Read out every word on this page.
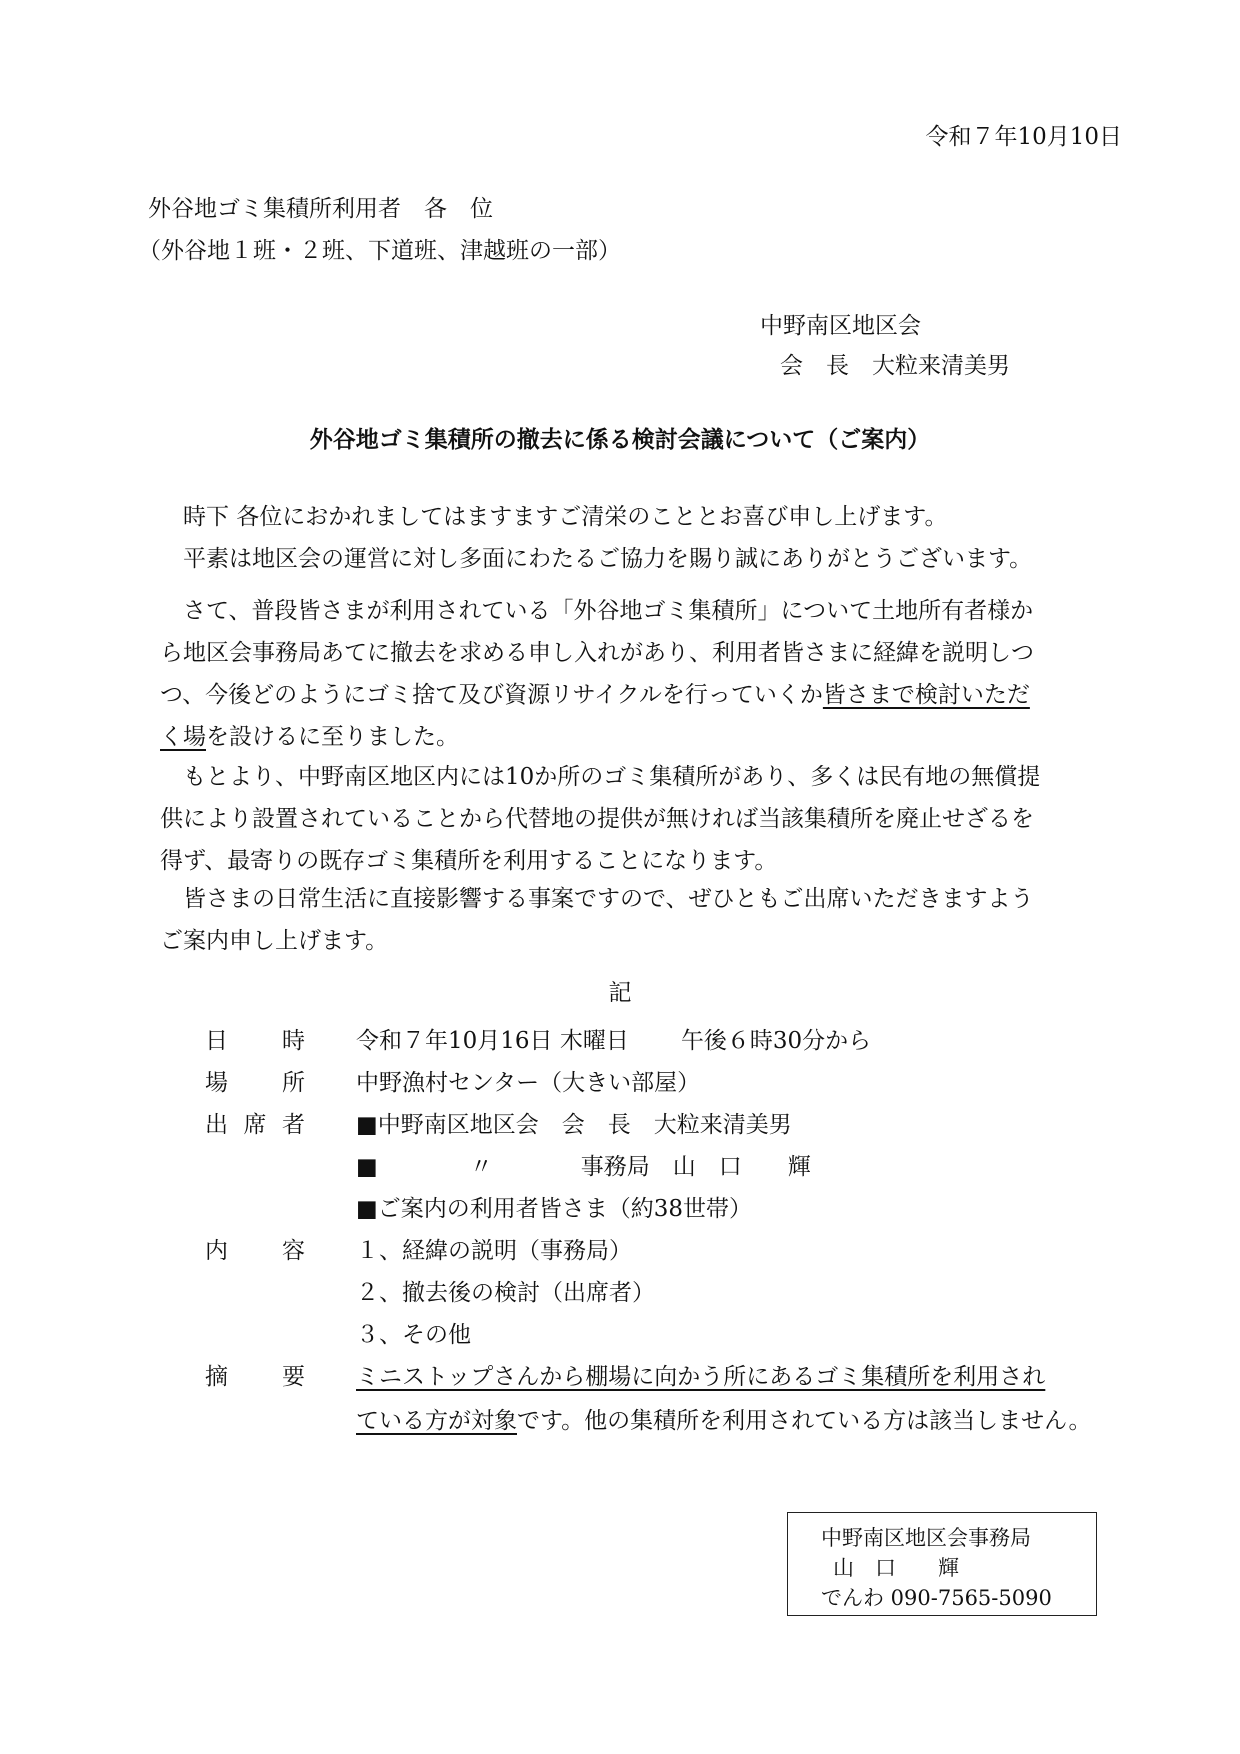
令和７年10月10日
外谷地ゴミ集積所利用者　各　位
（外谷地１班・２班、下道班、津越班の一部）
中野南区地区会
会　長　大粒来清美男
外谷地ゴミ集積所の撤去に係る検討会議について（ご案内）
時下 各位におかれましてはますますご清栄のこととお喜び申し上げます。
平素は地区会の運営に対し多面にわたるご協力を賜り誠にありがとうございます。
さて、普段皆さまが利用されている「外谷地ゴミ集積所」について土地所有者様か
ら地区会事務局あてに撤去を求める申し入れがあり、利用者皆さまに経緯を説明しつ
つ、今後どのようにゴミ捨て及び資源リサイクルを行っていくか皆さまで検討いただ
く場を設けるに至りました。
もとより、中野南区地区内には10か所のゴミ集積所があり、多くは民有地の無償提
供により設置されていることから代替地の提供が無ければ当該集積所を廃止せざるを
得ず、最寄りの既存ゴミ集積所を利用することになります。
皆さまの日常生活に直接影響する事案ですので、ぜひともご出席いただきますよう
ご案内申し上げます。
記
日 時 令和７年10月16日 木曜日 午後６時30分から
場 所 中野漁村センター（大きい部屋）
出 席 者 ■中野南区地区会　会　長　大粒来清美男
■	〃	事務局　山　口　　輝
■ご案内の利用者皆さま（約38世帯）
内 容 １、経緯の説明（事務局）
２、撤去後の検討（出席者）
３、その他
摘 要 ミニストップさんから棚場に向かう所にあるゴミ集積所を利用され
ている方が対象です。他の集積所を利用されている方は該当しません。
中野南区地区会事務局
山　口　　輝
でんわ 090-7565-5090
